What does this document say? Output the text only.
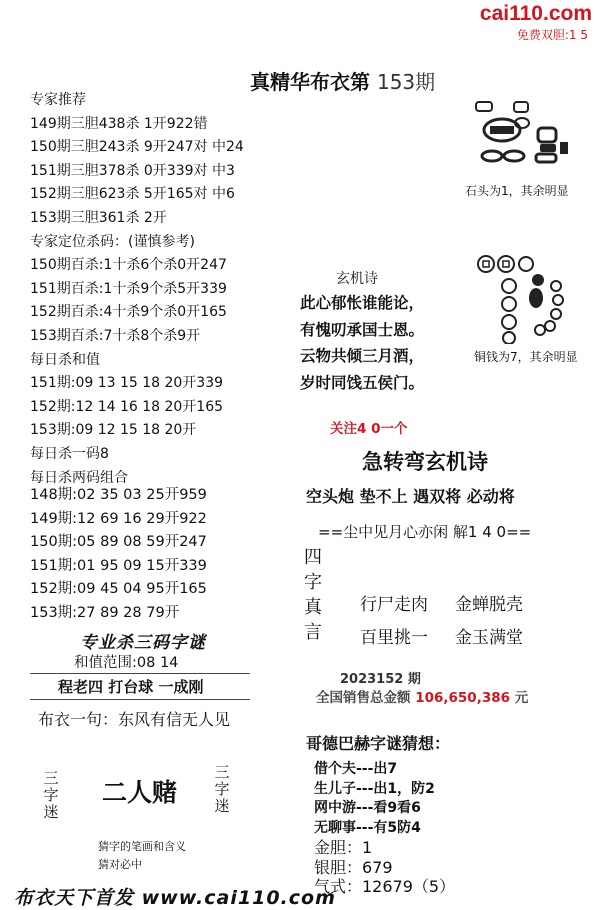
cai110.com
免费双胆:1 5
真精华布衣第 153期
专家推荐
149期三胆438杀 1开922错
150期三胆243杀 9开247对 中24
151期三胆378杀 0开339对 中3
152期三胆623杀 5开165对 中6
153期三胆361杀 2开
专家定位杀码：(谨慎参考)
150期百杀:1十杀6个杀0开247
151期百杀:1十杀9个杀5开339
152期百杀:4十杀9个杀0开165
153期百杀:7十杀8个杀9开
每日杀和值
151期:09 13 15 18 20开339
152期:12 14 16 18 20开165
153期:09 12 15 18 20开
每日杀一码8
每日杀两码组合
148期:02 35 03 25开959
149期:12 69 16 29开922
150期:05 89 08 59开247
151期:01 95 09 15开339
152期:09 45 04 95开165
153期:27 89 28 79开
专业杀三码字谜
和值范围:08 14
程老四 打台球 一成刚
布衣一句：东风有信无人见
三字迷
二人赌
三字迷
猜字的笔画和含义
猜对必中
布衣天下首发 www.cai110.com
石头为1，其余明显
铜钱为7，其余明显
玄机诗
此心郁怅谁能论，
有愧叨承国士恩。
云物共倾三月酒，
岁时同饯五侯门。
关注4 0一个
急转弯玄机诗
空头炮 垫不上 遇双将 必动将
==尘中见月心亦闲 解1 4 0==
四字真言
行尸走肉 金蝉脱壳
百里挑一 金玉满堂
2023152 期
全国销售总金额 106,650,386 元
哥德巴赫字谜猜想：
借个夫---出7
生儿子---出1，防2
网中游---看9看6
无聊事---有5防4
金胆：1
银胆：679
气式：12679（5）
